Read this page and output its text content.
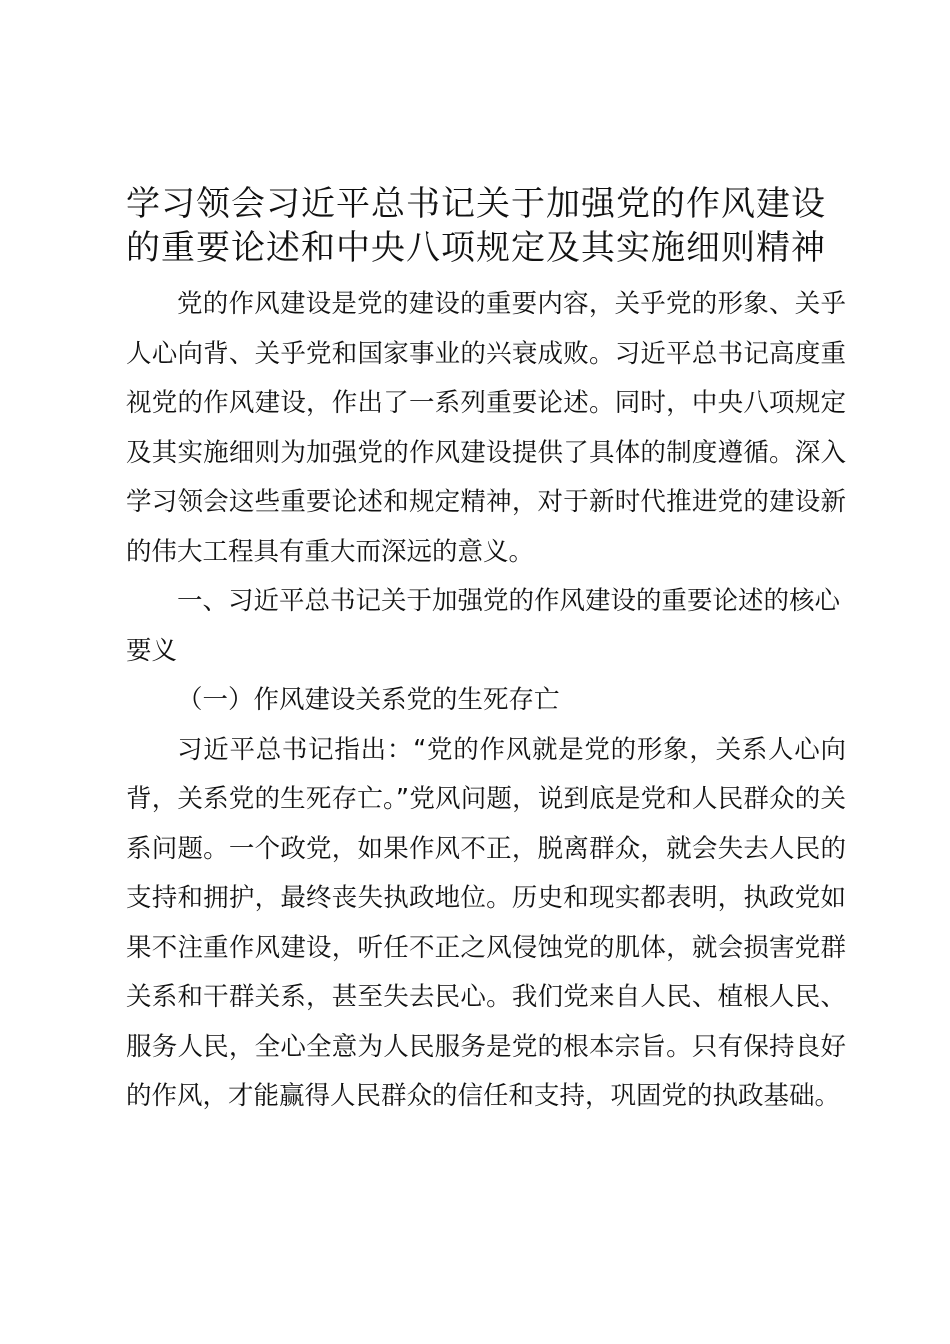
学习领会习近平总书记关于加强党的作风建设
的重要论述和中央八项规定及其实施细则精神

党的作风建设是党的建设的重要内容，关乎党的形象、关乎人心向背、关乎党和国家事业的兴衰成败。习近平总书记高度重视党的作风建设，作出了一系列重要论述。同时，中央八项规定及其实施细则为加强党的作风建设提供了具体的制度遵循。深入学习领会这些重要论述和规定精神，对于新时代推进党的建设新的伟大工程具有重大而深远的意义。

一、习近平总书记关于加强党的作风建设的重要论述的核心要义

（一）作风建设关系党的生死存亡

习近平总书记指出：“党的作风就是党的形象，关系人心向背，关系党的生死存亡。”党风问题，说到底是党和人民群众的关系问题。一个政党，如果作风不正，脱离群众，就会失去人民的支持和拥护，最终丧失执政地位。历史和现实都表明，执政党如果不注重作风建设，听任不正之风侵蚀党的肌体，就会损害党群关系和干群关系，甚至失去民心。我们党来自人民、植根人民、服务人民，全心全意为人民服务是党的根本宗旨。只有保持良好的作风，才能赢得人民群众的信任和支持，巩固党的执政基础。
